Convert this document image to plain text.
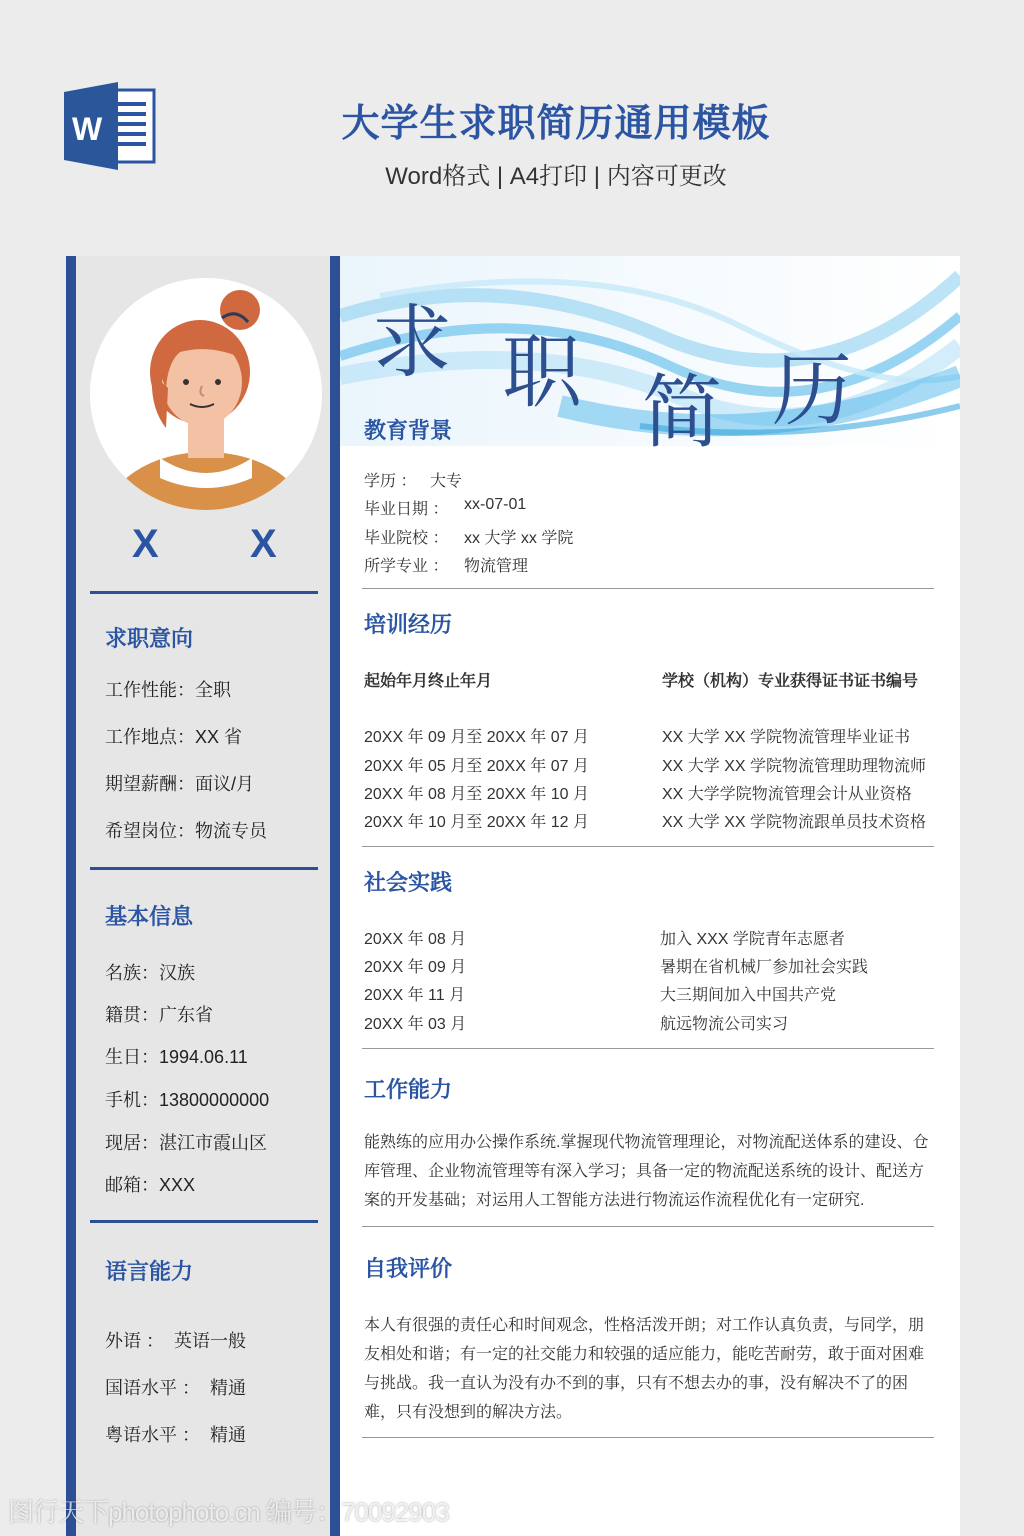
W	大学生求职简历通用模板
Word格式 | A4打印 | 内容可更改
X X
求职意向
工作性能：全职
工作地点：XX 省
期望薪酬：面议/月
希望岗位：物流专员
基本信息
名族：汉族
籍贯：广东省
生日：1994.06.11
手机：13800000000
现居：湛江市霞山区
邮箱：XXX
语言能力
外语 ：  英语一般
国语水平 ：  精通
粤语水平 ：  精通
求 职 简 历
教育背景
学历 ： 大专
毕业日期 ： xx-07-01
毕业院校 ： xx 大学 xx 学院
所学专业 ： 物流管理
培训经历
起始年月终止年月	学校（机构）专业获得证书证书编号
20XX 年 09 月至 20XX 年 07 月	XX 大学 XX 学院物流管理毕业证书
20XX 年 05 月至 20XX 年 07 月	XX 大学 XX 学院物流管理助理物流师
20XX 年 08 月至 20XX 年 10 月	XX 大学学院物流管理会计从业资格
20XX 年 10 月至 20XX 年 12 月	XX 大学 XX 学院物流跟单员技术资格
社会实践
20XX 年 08 月	加入 XXX 学院青年志愿者
20XX 年 09 月	暑期在省机械厂参加社会实践
20XX 年 11 月	大三期间加入中国共产党
20XX 年 03 月	航远物流公司实习
工作能力
能熟练的应用办公操作系统.掌握现代物流管理理论，对物流配送体系的建设、仓库管理、企业物流管理等有深入学习；具备一定的物流配送系统的设计、配送方案的开发基础；对运用人工智能方法进行物流运作流程优化有一定研究.
自我评价
本人有很强的责任心和时间观念，性格活泼开朗；对工作认真负责，与同学，朋友相处和谐；有一定的社交能力和较强的适应能力，能吃苦耐劳，敢于面对困难与挑战。我一直认为没有办不到的事，只有不想去办的事，没有解决不了的困难，只有没想到的解决方法。
图行天下photophoto.cn 编号：70092903
